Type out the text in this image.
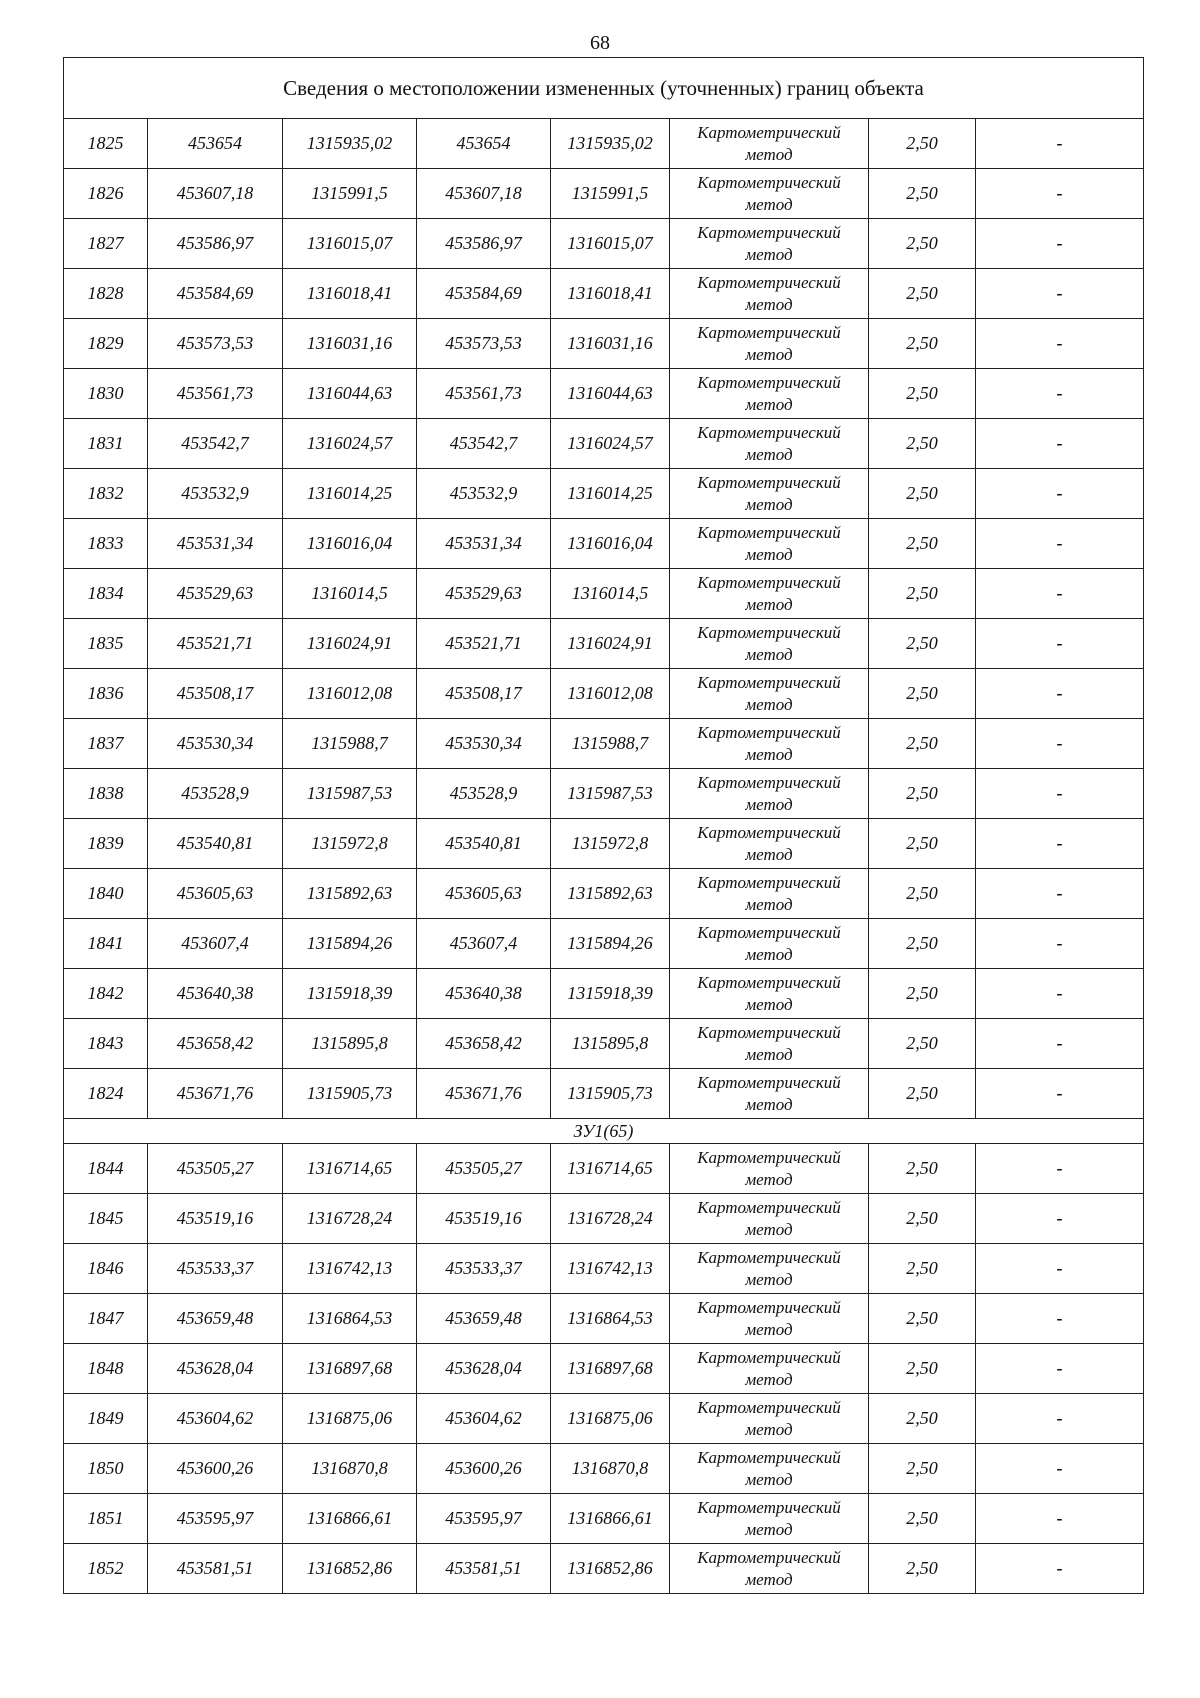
68
Сведения о местоположении измененных (уточненных) границ объекта							
1825	453654	1315935,02	453654	1315935,02	Картометрический
метод	2,50	-
1826	453607,18	1315991,5	453607,18	1315991,5	Картометрический
метод	2,50	-
1827	453586,97	1316015,07	453586,97	1316015,07	Картометрический
метод	2,50	-
1828	453584,69	1316018,41	453584,69	1316018,41	Картометрический
метод	2,50	-
1829	453573,53	1316031,16	453573,53	1316031,16	Картометрический
метод	2,50	-
1830	453561,73	1316044,63	453561,73	1316044,63	Картометрический
метод	2,50	-
1831	453542,7	1316024,57	453542,7	1316024,57	Картометрический
метод	2,50	-
1832	453532,9	1316014,25	453532,9	1316014,25	Картометрический
метод	2,50	-
1833	453531,34	1316016,04	453531,34	1316016,04	Картометрический
метод	2,50	-
1834	453529,63	1316014,5	453529,63	1316014,5	Картометрический
метод	2,50	-
1835	453521,71	1316024,91	453521,71	1316024,91	Картометрический
метод	2,50	-
1836	453508,17	1316012,08	453508,17	1316012,08	Картометрический
метод	2,50	-
1837	453530,34	1315988,7	453530,34	1315988,7	Картометрический
метод	2,50	-
1838	453528,9	1315987,53	453528,9	1315987,53	Картометрический
метод	2,50	-
1839	453540,81	1315972,8	453540,81	1315972,8	Картометрический
метод	2,50	-
1840	453605,63	1315892,63	453605,63	1315892,63	Картометрический
метод	2,50	-
1841	453607,4	1315894,26	453607,4	1315894,26	Картометрический
метод	2,50	-
1842	453640,38	1315918,39	453640,38	1315918,39	Картометрический
метод	2,50	-
1843	453658,42	1315895,8	453658,42	1315895,8	Картометрический
метод	2,50	-
1824	453671,76	1315905,73	453671,76	1315905,73	Картометрический
метод	2,50	-
ЗУ1(65)							
1844	453505,27	1316714,65	453505,27	1316714,65	Картометрический
метод	2,50	-
1845	453519,16	1316728,24	453519,16	1316728,24	Картометрический
метод	2,50	-
1846	453533,37	1316742,13	453533,37	1316742,13	Картометрический
метод	2,50	-
1847	453659,48	1316864,53	453659,48	1316864,53	Картометрический
метод	2,50	-
1848	453628,04	1316897,68	453628,04	1316897,68	Картометрический
метод	2,50	-
1849	453604,62	1316875,06	453604,62	1316875,06	Картометрический
метод	2,50	-
1850	453600,26	1316870,8	453600,26	1316870,8	Картометрический
метод	2,50	-
1851	453595,97	1316866,61	453595,97	1316866,61	Картометрический
метод	2,50	-
1852	453581,51	1316852,86	453581,51	1316852,86	Картометрический
метод	2,50	-
